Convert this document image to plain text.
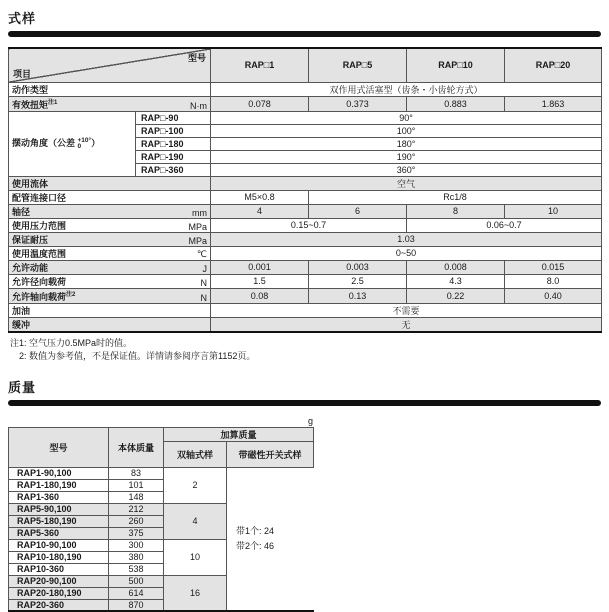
式样
型号
项目		RAP□1	RAP□5	RAP□10	RAP□20
动作类型		双作用式活塞型（齿条・小齿轮方式）			

有效扭矩$^{注1}$ N·m		0.078	0.373	0.883	1.863
摆动角度（公差 +10°
0 ）	RAP□-90	90°			
	RAP□-100	100°			
	RAP□-180	180°			
	RAP□-190	190°			
	RAP□-360	360°			
使用流体		空气			
配管连接口径		M5×0.8	Rc1/8		

轴径 mm		4	6	8	10

使用压力范围 MPa		0.15~0.7		0.06~0.7	

保证耐压 MPa		1.03			

使用温度范围 ℃		0~50			

允许动能 J		0.001	0.003	0.008	0.015

允许径向载荷 N		1.5	2.5	4.3	8.0

允许轴向载荷$^{注2}$ N		0.08	0.13	0.22	0.40
加油		不需要			
缓冲		无			
注1: 空气压力0.5MPa时的值。
2: 数值为参考值，不是保证值。详情请参阅序言第1152页。
质量
g
型号	本体质量	加算质量	
		双轴式样	带磁性开关式样
RAP1-90,100	83	2	带1个: 24
带2个: 46

RAP1-180,190	101		
RAP1-360	148		
RAP5-90,100	212	4	
RAP5-180,190	260		
RAP5-360	375		
RAP10-90,100	300	10	
RAP10-180,190	380		
RAP10-360	538		
RAP20-90,100	500	16	
RAP20-180,190	614		
RAP20-360	870		
